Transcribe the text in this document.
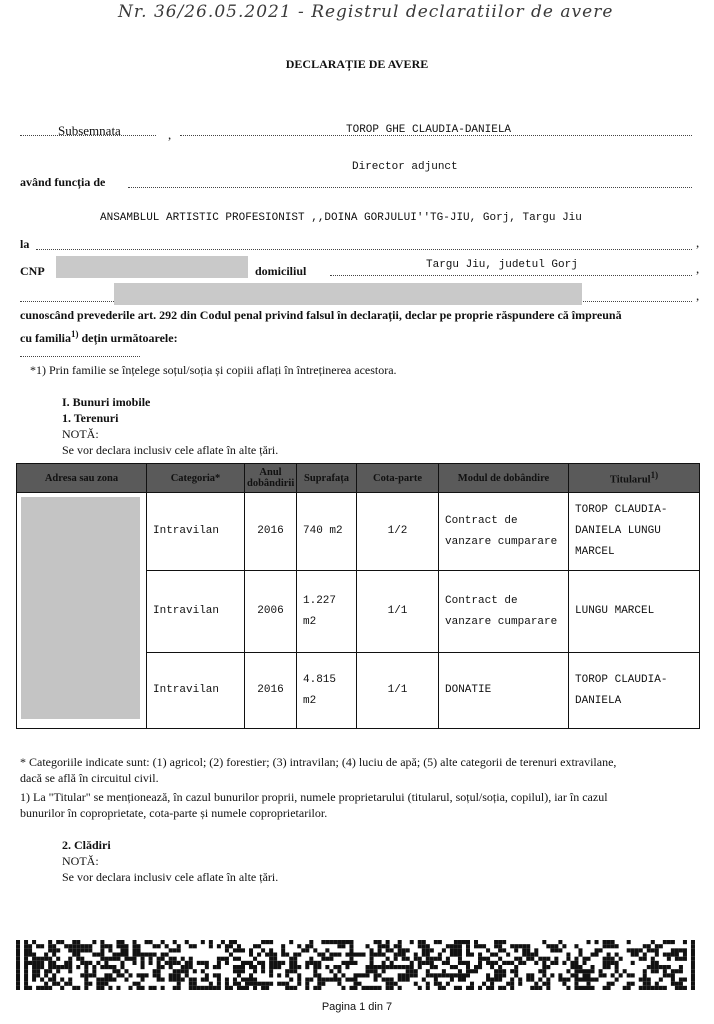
Nr. 36/26.05.2021 - Registrul declaratiilor de avere
DECLARAȚIE DE AVERE
Subsemnata	,	TOROP GHE CLAUDIA-DANIELA
Director adjunct
având funcția de
ANSAMBLUL ARTISTIC PROFESIONIST ,,DOINA GORJULUI''TG-JIU, Gorj, Targu Jiu
la	,
CNP	domiciliul	Targu Jiu, judetul Gorj	,
,
cunoscând prevederile art. 292 din Codul penal privind falsul în declarații, declar pe proprie răspundere că împreună
cu familia$^{1)}$ dețin următoarele:
*1) Prin familie se înțelege soțul/soția și copiii aflați în întreținerea acestora.
I. Bunuri imobile
1. Terenuri
NOTĂ:
Se vor declara inclusiv cele aflate în alte țări.
Adresa sau zona	Categoria*	Anul dobândirii	Suprafața	Cota-parte	Modul de dobândire	Titularul$^{1)}$

	Intravilan	2016	740 m2	1/2	Contract de vanzare cumparare	TOROP CLAUDIA-DANIELA LUNGU MARCEL
	Intravilan	2006	1.227 m2	1/1	Contract de vanzare cumparare	LUNGU MARCEL
	Intravilan	2016	4.815 m2	1/1	DONATIE	TOROP CLAUDIA-DANIELA
* Categoriile indicate sunt: (1) agricol; (2) forestier; (3) intravilan; (4) luciu de apă; (5) alte categorii de terenuri extravilane,
dacă se află în circuitul civil.
1) La "Titular" se menționează, în cazul bunurilor proprii, numele proprietarului (titularul, soțul/soția, copilul), iar în cazul
bunurilor în coproprietate, cota-parte și numele coproprietarilor.
2. Clădiri
NOTĂ:
Se vor declara inclusiv cele aflate în alte țări.
Pagina 1 din 7
